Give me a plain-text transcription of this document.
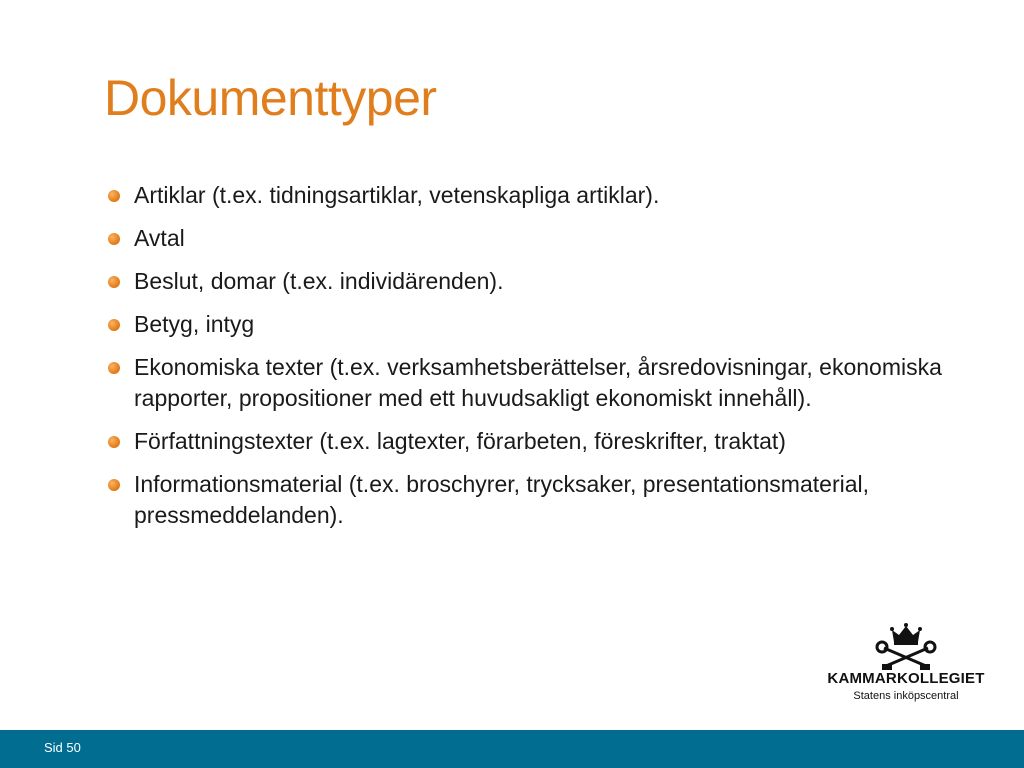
Dokumenttyper
Artiklar (t.ex. tidningsartiklar, vetenskapliga artiklar).
Avtal
Beslut, domar (t.ex. individärenden).
Betyg, intyg
Ekonomiska texter (t.ex. verksamhetsberättelser, årsredovisningar, ekonomiska rapporter, propositioner med ett huvudsakligt ekonomiskt innehåll).
Författningstexter (t.ex. lagtexter, förarbeten, föreskrifter, traktat)
Informationsmaterial (t.ex. broschyrer, trycksaker, presentationsmaterial, pressmeddelanden).
KAMMARKOLLEGIET
Statens inköpscentral
Sid 50
